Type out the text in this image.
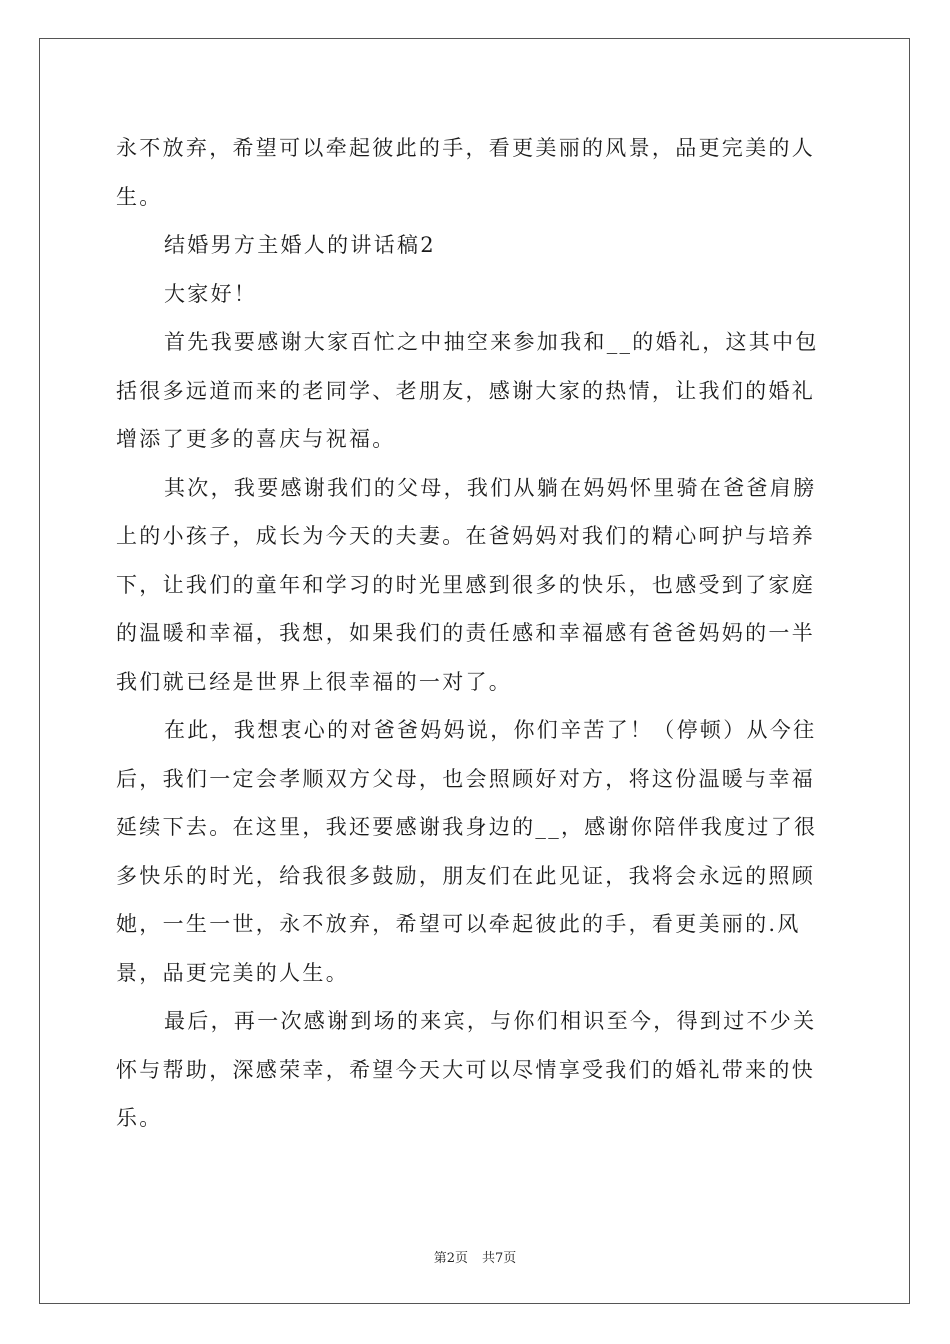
永不放弃，希望可以牵起彼此的手，看更美丽的风景，品更完美的人
生。
结婚男方主婚人的讲话稿2
大家好！
首先我要感谢大家百忙之中抽空来参加我和__的婚礼，这其中包
括很多远道而来的老同学、老朋友，感谢大家的热情，让我们的婚礼
增添了更多的喜庆与祝福。
其次，我要感谢我们的父母，我们从躺在妈妈怀里骑在爸爸肩膀
上的小孩子，成长为今天的夫妻。在爸妈妈对我们的精心呵护与培养
下，让我们的童年和学习的时光里感到很多的快乐，也感受到了家庭
的温暖和幸福，我想，如果我们的责任感和幸福感有爸爸妈妈的一半
我们就已经是世界上很幸福的一对了。
在此，我想衷心的对爸爸妈妈说，你们辛苦了！（停顿）从今往
后，我们一定会孝顺双方父母，也会照顾好对方，将这份温暖与幸福
延续下去。在这里，我还要感谢我身边的__，感谢你陪伴我度过了很
多快乐的时光，给我很多鼓励，朋友们在此见证，我将会永远的照顾
她，一生一世，永不放弃，希望可以牵起彼此的手，看更美丽的.风
景，品更完美的人生。
最后，再一次感谢到场的来宾，与你们相识至今，得到过不少关
怀与帮助，深感荣幸，希望今天大可以尽情享受我们的婚礼带来的快
乐。
第2页 共7页
